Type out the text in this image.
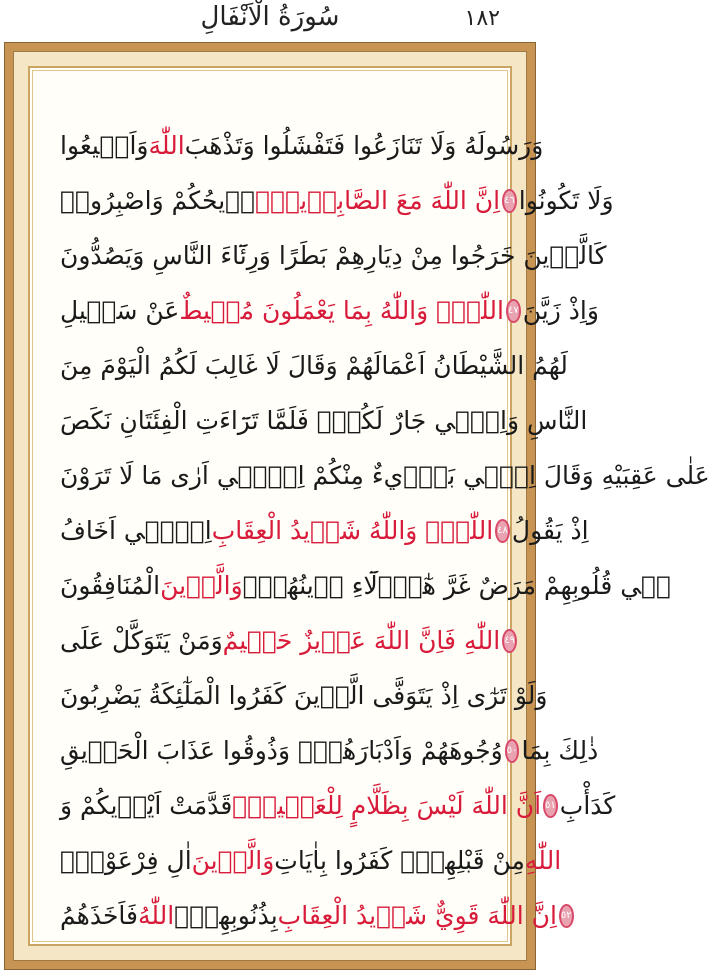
سُورَةُ الْاَنْفَالِ	١٨٢
وَاَط۪يعُوا اللّٰهَ وَرَسُولَهُ وَلَا تَنَازَعُوا فَتَفْشَلُوا وَتَذْهَبَ
ر۪يحُكُمْ وَاصْبِرُواۜ اِنَّ اللّٰهَ مَعَ الصَّابِر۪ينَۚ ٤٦ وَلَا تَكُونُوا
كَالَّذ۪ينَ خَرَجُوا مِنْ دِيَارِهِمْ بَطَرًا وَرِئَٓاءَ النَّاسِ وَيَصُدُّونَ
عَنْ سَب۪يلِ اللّٰهِۜ وَاللّٰهُ بِمَا يَعْمَلُونَ مُح۪يطٌ ٤٧ وَاِذْ زَيَّنَ
لَهُمُ الشَّيْطَانُ اَعْمَالَهُمْ وَقَالَ لَا غَالِبَ لَكُمُ الْيَوْمَ مِنَ
النَّاسِ وَاِنّ۪ي جَارٌ لَكُمْۚ فَلَمَّا تَرَٓاءَتِ الْفِئَتَانِ نَكَصَ
عَلٰى عَقِبَيْهِ وَقَالَ اِنّ۪ي بَر۪ٓيءٌ مِنْكُمْ اِنّ۪ٓي اَرٰى مَا لَا تَرَوْنَ
اِنّ۪ٓي اَخَافُ اللّٰهَۜ وَاللّٰهُ شَد۪يدُ الْعِقَابِ ٤٨ اِذْ يَقُولُ
الْمُنَافِقُونَ وَالَّذ۪ينَ ف۪ي قُلُوبِهِمْ مَرَضٌ غَرَّ هٰٓؤُ۬لَٓاءِ د۪ينُهُمْۜ
وَمَنْ يَتَوَكَّلْ عَلَى اللّٰهِ فَاِنَّ اللّٰهَ عَز۪يزٌ حَك۪يمٌ ٤٩
وَلَوْ تَرٰٓى اِذْ يَتَوَفَّى الَّذ۪ينَ كَفَرُوا الْمَلٰٓئِكَةُ يَضْرِبُونَ
وُجُوهَهُمْ وَاَدْبَارَهُمْۚ وَذُوقُوا عَذَابَ الْحَر۪يقِ ٥٠ ذٰلِكَ بِمَا
قَدَّمَتْ اَيْد۪يكُمْ وَ اَنَّ اللّٰهَ لَيْسَ بِظَلَّامٍ لِلْعَب۪يدِۙ ٥١ كَدَأْبِ
اٰلِ فِرْعَوْنَۙ وَالَّذ۪ينَ مِنْ قَبْلِهِمْۜ كَفَرُوا بِاٰيَاتِ اللّٰهِ
فَاَخَذَهُمُ اللّٰهُ بِذُنُوبِهِمْۜ اِنَّ اللّٰهَ قَوِيٌّ شَد۪يدُ الْعِقَابِ ٥٢
